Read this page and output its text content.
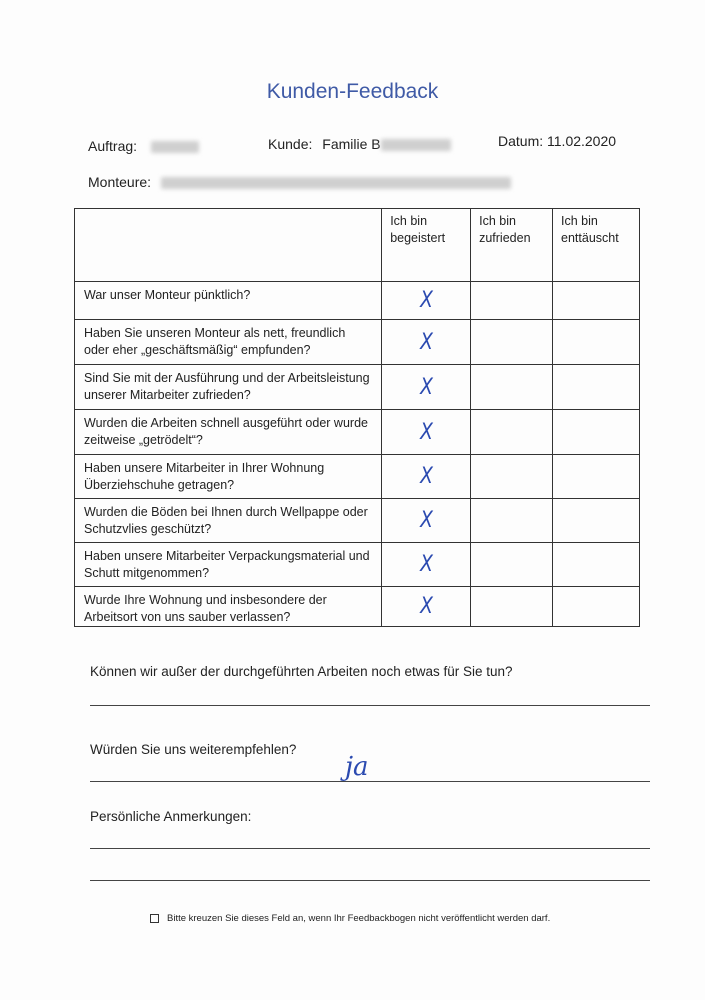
Kunden-Feedback
Auftrag:	Kunde: Familie B	Datum: 11.02.2020
Monteure:

	Ich bin begeistert	Ich bin zufrieden	Ich bin enttäuscht

War unser Monteur pünktlich?	X		
Haben Sie unseren Monteur als nett, freundlich oder eher „geschäftsmäßig“ empfunden?	X		
Sind Sie mit der Ausführung und der Arbeitsleistung unserer Mitarbeiter zufrieden?	X		
Wurden die Arbeiten schnell ausgeführt oder wurde zeitweise „getrödelt“?	X		
Haben unsere Mitarbeiter in Ihrer Wohnung Überziehschuhe getragen?	X		
Wurden die Böden bei Ihnen durch Wellpappe oder Schutzvlies geschützt?	X		
Haben unsere Mitarbeiter Verpackungsmaterial und Schutt mitgenommen?	X		
Wurde Ihre Wohnung und insbesondere der Arbeitsort von uns sauber verlassen?	X		
Können wir außer der durchgeführten Arbeiten noch etwas für Sie tun?
Würden Sie uns weiterempfehlen?
ja
Persönliche Anmerkungen:
Bitte kreuzen Sie dieses Feld an, wenn Ihr Feedbackbogen nicht veröffentlicht werden darf.
